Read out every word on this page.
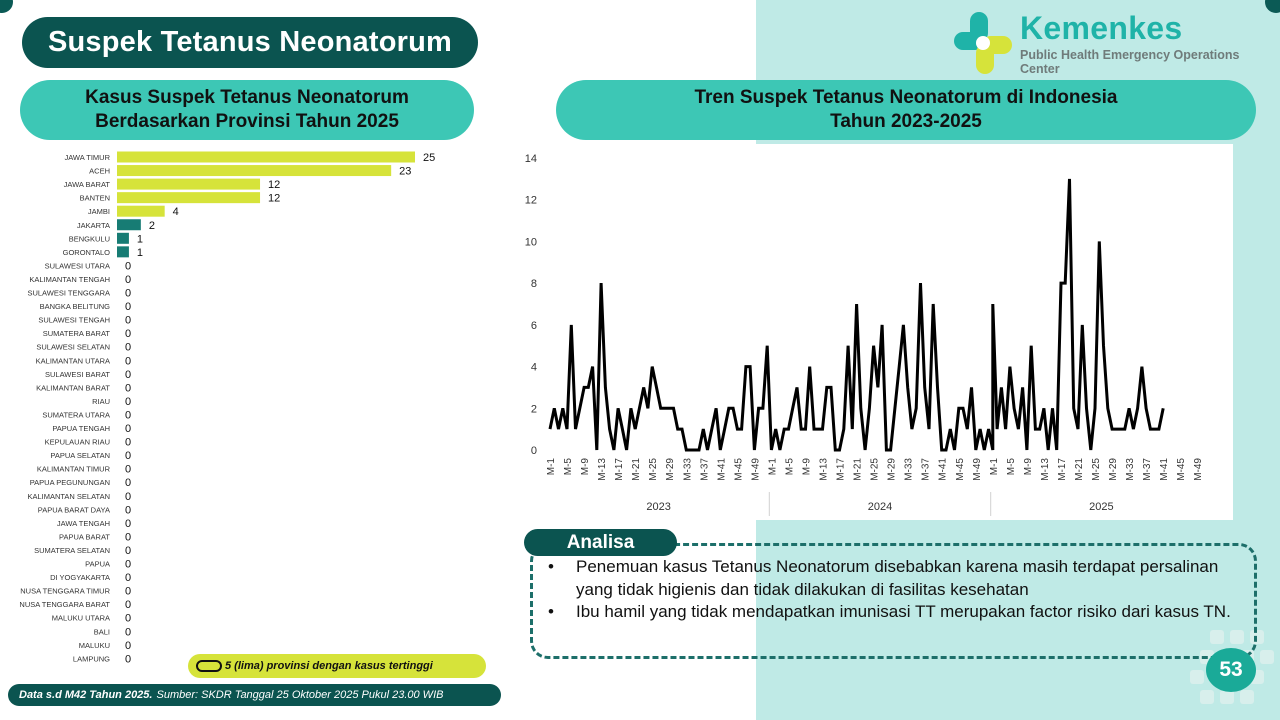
Suspek Tetanus Neonatorum	Kemenkes
Public Health Emergency Operations Center
Kasus Suspek Tetanus Neonatorum
Berdasarkan Provinsi Tahun 2025
Tren Suspek Tetanus Neonatorum di Indonesia
Tahun 2023-2025
JAWA TIMUR	25
ACEH	23
JAWA BARAT	12
BANTEN	12
JAMBI	4
JAKARTA	2
BENGKULU 1
GORONTALO 1
SULAWESI UTARA 0
KALIMANTAN TENGAH 0
SULAWESI TENGGARA 0
BANGKA BELITUNG 0
SULAWESI TENGAH 0
SUMATERA BARAT 0
SULAWESI SELATAN 0
KALIMANTAN UTARA 0
SULAWESI BARAT 0
KALIMANTAN BARAT 0
RIAU 0
SUMATERA UTARA 0
PAPUA TENGAH 0
KEPULAUAN RIAU 0
PAPUA SELATAN 0
KALIMANTAN TIMUR 0
PAPUA PEGUNUNGAN 0
KALIMANTAN SELATAN 0
PAPUA BARAT DAYA 0
JAWA TENGAH 0
PAPUA BARAT 0
SUMATERA SELATAN 0
PAPUA 0
DI YOGYAKARTA 0
NUSA TENGGARA TIMUR 0
NUSA TENGGARA BARAT 0
MALUKU UTARA 0
BALI 0
MALUKU 0
LAMPUNG 0
0
2
4
6
8
10
12
14
M-1 M-5 M-9 M-13 M-17 M-21 M-25 M-29 M-33 M-37 M-41 M-45 M-49
2023
M-1 M-5 M-9 M-13 M-17 M-21 M-25 M-29 M-33 M-37 M-41 M-45 M-49
2024
M-1 M-5 M-9 M-13 M-17 M-21 M-25 M-29 M-33 M-37 M-41 M-45 M-49
2025
5 (lima) provinsi dengan kasus tertinggi
Data s.d M42 Tahun 2025. Sumber: SKDR Tanggal 25 Oktober 2025 Pukul 23.00 WIB
Analisa
• Penemuan kasus Tetanus Neonatorum disebabkan karena masih terdapat persalinan yang tidak higienis dan tidak dilakukan di fasilitas kesehatan
• Ibu hamil yang tidak mendapatkan imunisasi TT merupakan factor risiko dari kasus TN.
53
